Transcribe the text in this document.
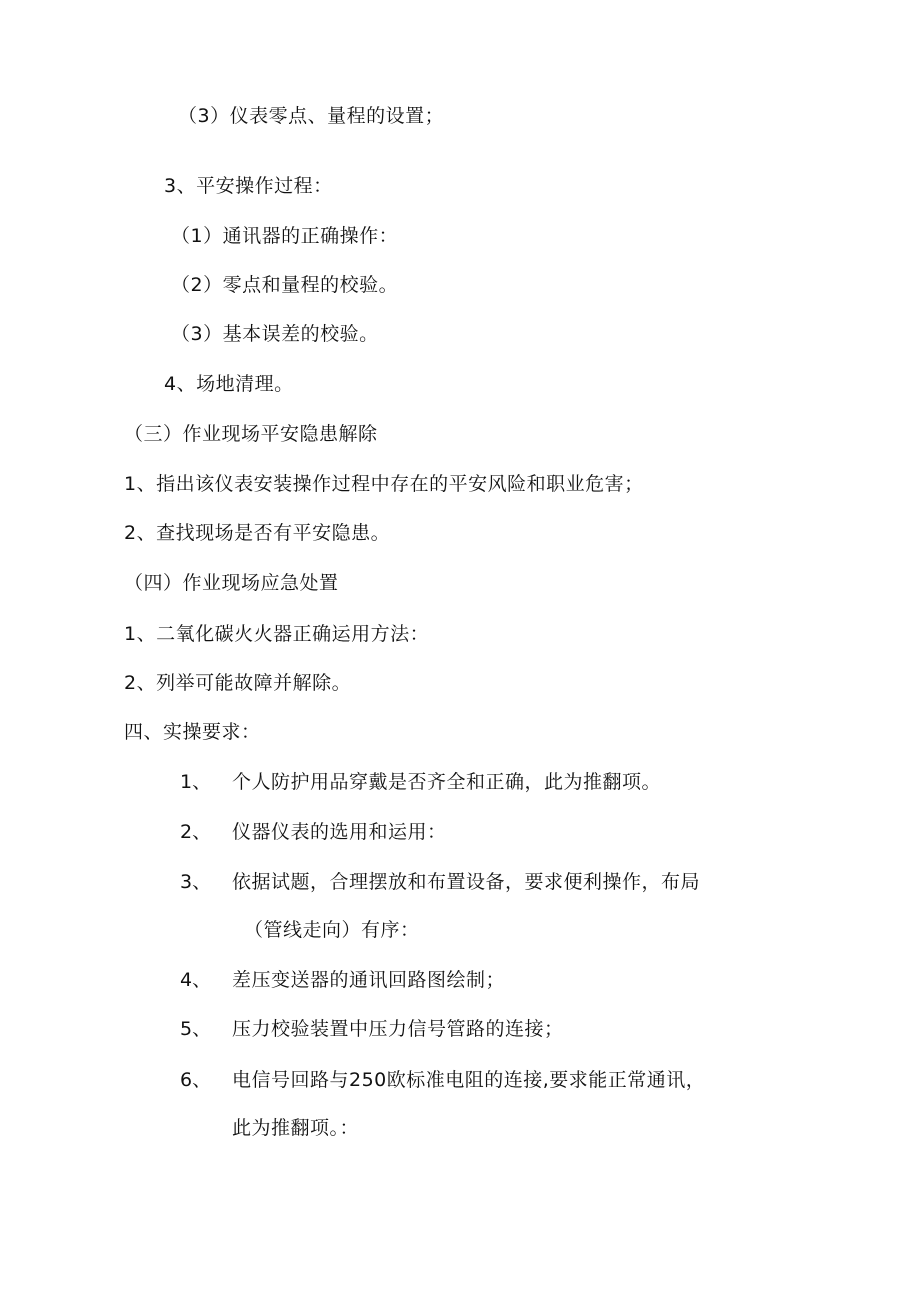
（3）仪表零点、量程的设置；
3、平安操作过程：
（1）通讯器的正确操作：
（2）零点和量程的校验。
（3）基本误差的校验。
4、场地清理。
（三）作业现场平安隐患解除
1、指出该仪表安装操作过程中存在的平安风险和职业危害；
2、查找现场是否有平安隐患。
（四）作业现场应急处置
1、二氧化碳火火器正确运用方法：
2、列举可能故障并解除。
四、实操要求：
1、 个人防护用品穿戴是否齐全和正确，此为推翻项。
2、 仪器仪表的选用和运用：
3、 依据试题，合理摆放和布置设备，要求便利操作，布局
（管线走向）有序：
4、 差压变送器的通讯回路图绘制；
5、 压力校验装置中压力信号管路的连接；
6、 电信号回路与250欧标准电阻的连接,要求能正常通讯，
此为推翻项。：
